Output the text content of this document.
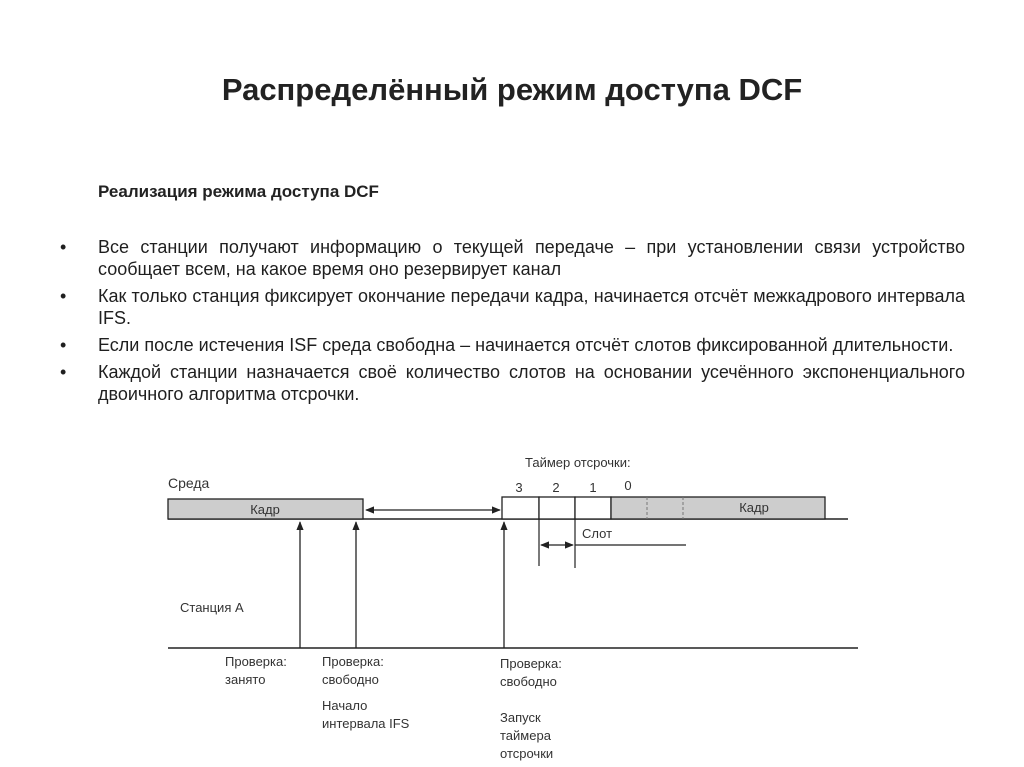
Распределённый режим доступа DCF
Реализация режима доступа DCF
• Все станции получают информацию о текущей передаче – при установлении связи устройство сообщает всем, на какое время оно резервирует канал
• Как только станция фиксирует окончание передачи кадра, начинается отсчёт межкадрового интервала IFS.
• Если после истечения ISF среда свободна – начинается отсчёт слотов фиксированной длительности.
• Каждой станции назначается своё количество слотов на основании усечённого экспоненциального двоичного алгоритма отсрочки.
Среда
Кадр
Таймер отсрочки:
3 2 1 0
Кадр
Слот
Станция А
Проверка:
занято
Проверка:
свободно
Начало
интервала IFS
Проверка:
свободно
Запуск
таймера
отсрочки
